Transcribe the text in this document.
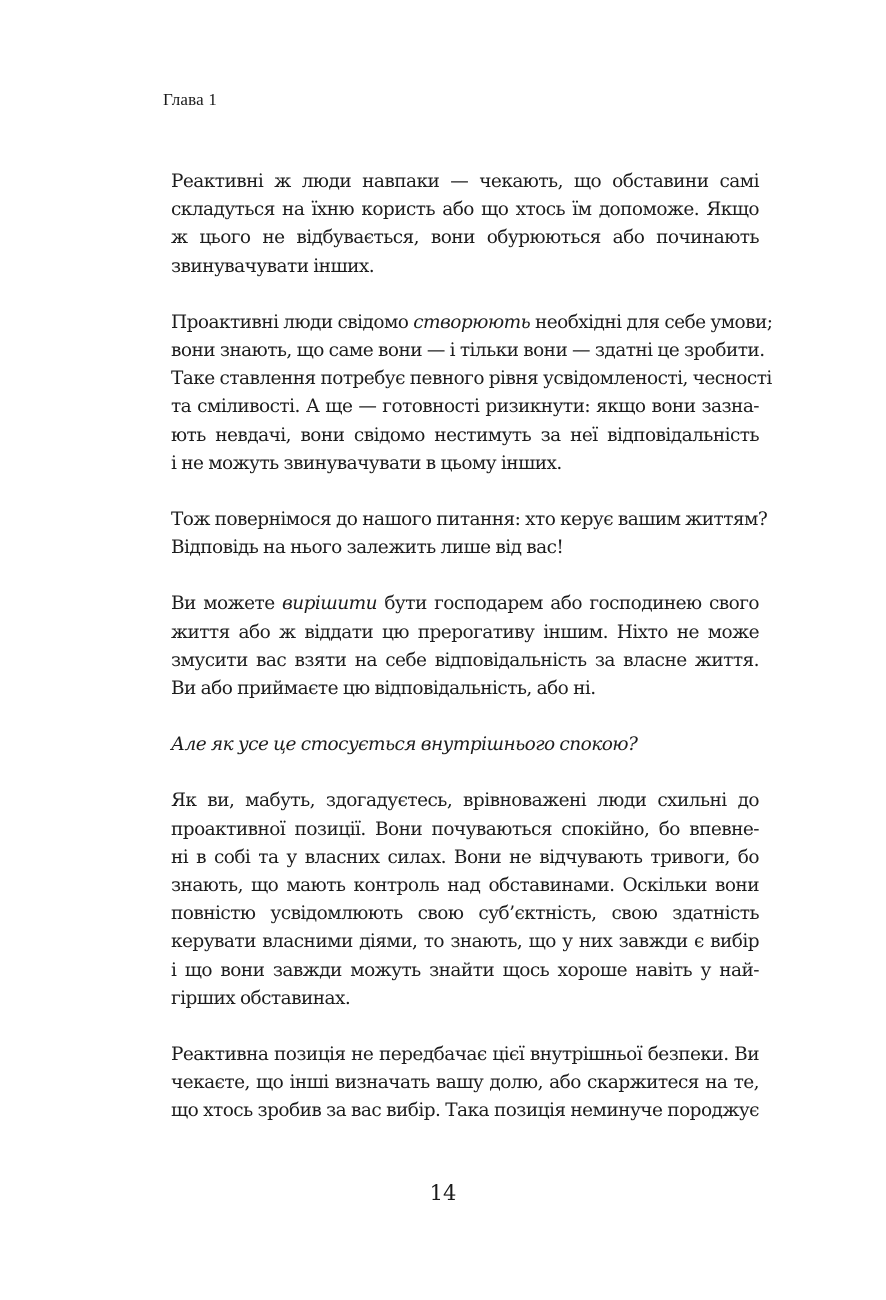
Глава 1

Реактивні ж люди навпаки — чекають, що обставини самі
складуться на їхню користь або що хтось їм допоможе. Якщо
ж цього не відбувається, вони обурюються або починають
звинувачувати інших.

Проактивні люди свідомо створюють необхідні для себе умови;
вони знають, що саме вони — і тільки вони — здатні це зробити.
Таке ставлення потребує певного рівня усвідомленості, чесності
та сміливості. А ще — готовності ризикнути: якщо вони зазна-
ють невдачі, вони свідомо нестимуть за неї відповідальність
і не можуть звинувачувати в цьому інших.

Тож повернімося до нашого питання: хто керує вашим життям?
Відповідь на нього залежить лише від вас!

Ви можете вирішити бути господарем або господинею свого
життя або ж віддати цю прерогативу іншим. Ніхто не може
змусити вас взяти на себе відповідальність за власне життя.
Ви або приймаєте цю відповідальність, або ні.

Але як усе це стосується внутрішнього спокою?

Як ви, мабуть, здогадуєтесь, врівноважені люди схильні до
проактивної позиції. Вони почуваються спокійно, бо впевне-
ні в собі та у власних силах. Вони не відчувають тривоги, бо
знають, що мають контроль над обставинами. Оскільки вони
повністю усвідомлюють свою суб’єктність, свою здатність
керувати власними діями, то знають, що у них завжди є вибір
і що вони завжди можуть знайти щось хороше навіть у най-
гірших обставинах.

Реактивна позиція не передбачає цієї внутрішньої безпеки. Ви
чекаєте, що інші визначать вашу долю, або скаржитеся на те,
що хтось зробив за вас вибір. Така позиція неминуче породжує

14
